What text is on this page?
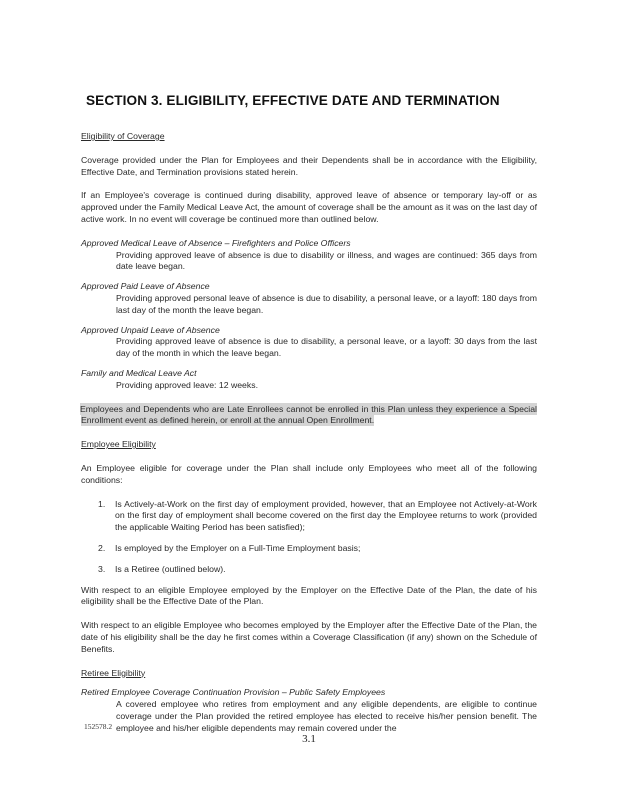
SECTION 3. ELIGIBILITY, EFFECTIVE DATE AND TERMINATION

Eligibility of Coverage

Coverage provided under the Plan for Employees and their Dependents shall be in accordance with the Eligibility, Effective Date, and Termination provisions stated herein.

If an Employee's coverage is continued during disability, approved leave of absence or temporary lay-off or as approved under the Family Medical Leave Act, the amount of coverage shall be the amount as it was on the last day of active work. In no event will coverage be continued more than outlined below.

Approved Medical Leave of Absence – Firefighters and Police Officers

Providing approved leave of absence is due to disability or illness, and wages are continued: 365 days from date leave began.

Approved Paid Leave of Absence

Providing approved personal leave of absence is due to disability, a personal leave, or a layoff: 180 days from last day of the month the leave began.

Approved Unpaid Leave of Absence

Providing approved leave of absence is due to disability, a personal leave, or a layoff: 30 days from the last day of the month in which the leave began.

Family and Medical Leave Act

Providing approved leave: 12 weeks.

Employees and Dependents who are Late Enrollees cannot be enrolled in this Plan unless they experience a Special Enrollment event as defined herein, or enroll at the annual Open Enrollment.

Employee Eligibility

An Employee eligible for coverage under the Plan shall include only Employees who meet all of the following conditions:

1.	Is Actively-at-Work on the first day of employment provided, however, that an Employee not Actively-at-Work on the first day of employment shall become covered on the first day the Employee returns to work (provided the applicable Waiting Period has been satisfied);
2.	Is employed by the Employer on a Full-Time Employment basis;
3.	Is a Retiree (outlined below).

With respect to an eligible Employee employed by the Employer on the Effective Date of the Plan, the date of his eligibility shall be the Effective Date of the Plan.

With respect to an eligible Employee who becomes employed by the Employer after the Effective Date of the Plan, the date of his eligibility shall be the day he first comes within a Coverage Classification (if any) shown on the Schedule of Benefits.

Retiree Eligibility

Retired Employee Coverage Continuation Provision – Public Safety Employees

A covered employee who retires from employment and any eligible dependents, are eligible to continue coverage under the Plan provided the retired employee has elected to receive his/her pension benefit. The employee and his/her eligible dependents may remain covered under the

152578.2
3.1
